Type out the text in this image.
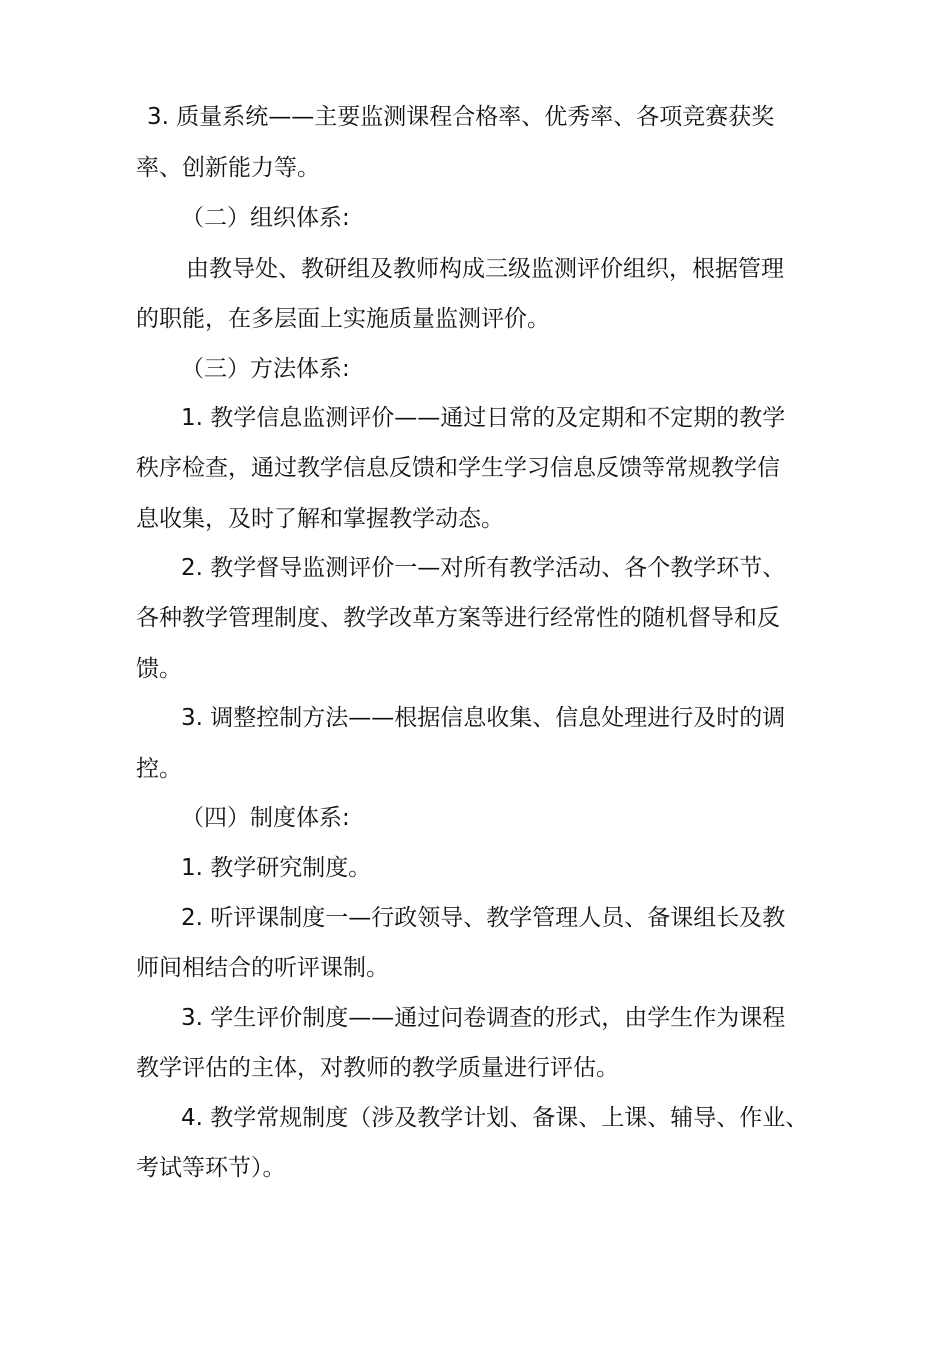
3. 质量系统——主要监测课程合格率、优秀率、各项竞赛获奖
率、创新能力等。
（二）组织体系:
由教导处、教研组及教师构成三级监测评价组织，根据管理
的职能，在多层面上实施质量监测评价。
（三）方法体系:
1. 教学信息监测评价——通过日常的及定期和不定期的教学
秩序检查，通过教学信息反馈和学生学习信息反馈等常规教学信
息收集，及时了解和掌握教学动态。
2. 教学督导监测评价一—对所有教学活动、各个教学环节、
各种教学管理制度、教学改革方案等进行经常性的随机督导和反
馈。
3. 调整控制方法——根据信息收集、信息处理进行及时的调
控。
（四）制度体系:
1. 教学研究制度。
2. 听评课制度一—行政领导、教学管理人员、备课组长及教
师间相结合的听评课制。
3. 学生评价制度——通过问卷调查的形式，由学生作为课程
教学评估的主体，对教师的教学质量进行评估。
4. 教学常规制度（涉及教学计划、备课、上课、辅导、作业、
考试等环节）。
